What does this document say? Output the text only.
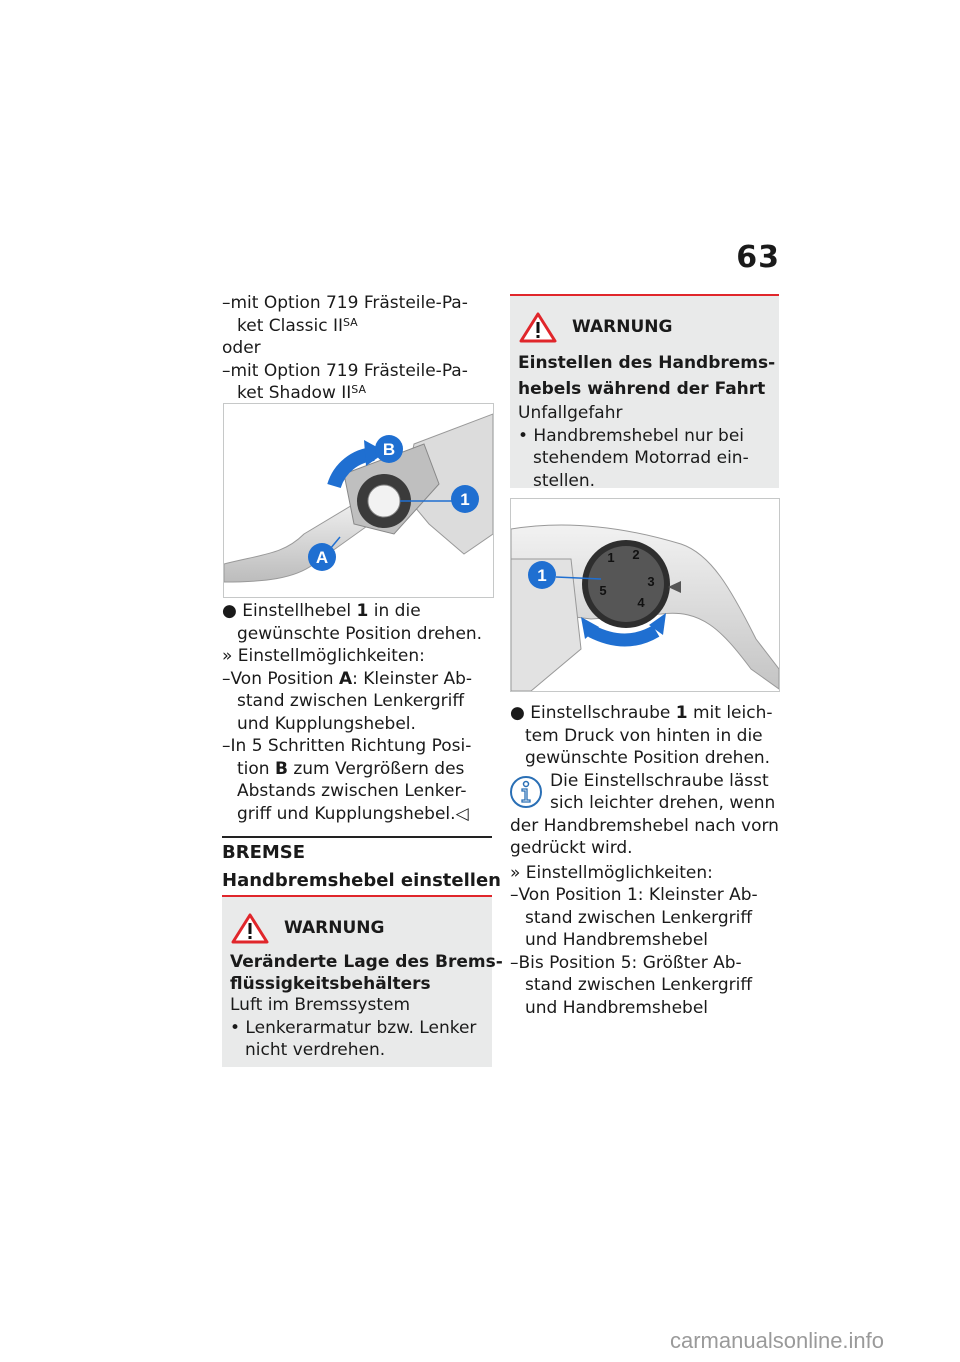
63
–mit Option 719 Frästeile-Pa-
ket Classic $II^{SA}$
oder
–mit Option 719 Frästeile-Pa-
ket Shadow $II^{SA}$
1
B
A
● Einstellhebel 1 in die
gewünschte Position drehen.
» Einstellmöglichkeiten:
–Von Position A: Kleinster Ab-
stand zwischen Lenkergriff
und Kupplungshebel.
–In 5 Schritten Richtung Posi-
tion B zum Vergrößern des
Abstands zwischen Lenker-
griff und Kupplungshebel.◁
BREMSE
Handbremshebel einstellen
WARNUNG
Veränderte Lage des Brems-
flüssigkeitsbehälters
Luft im Bremssystem
• Lenkerarmatur bzw. Lenker
nicht verdrehen.
WARNUNG
Einstellen des Handbrems-
hebels während der Fahrt
Unfallgefahr
• Handbremshebel nur bei
stehendem Motorrad ein-
stellen.
1 2
3
4
5
1
● Einstellschraube 1 mit leich-
tem Druck von hinten in die
gewünschte Position drehen.
Die Einstellschraube lässt
sich leichter drehen, wenn
der Handbremshebel nach vorn
gedrückt wird.
» Einstellmöglichkeiten:
–Von Position 1: Kleinster Ab-
stand zwischen Lenkergriff
und Handbremshebel
–Bis Position 5: Größter Ab-
stand zwischen Lenkergriff
und Handbremshebel
carmanualsonline.info
